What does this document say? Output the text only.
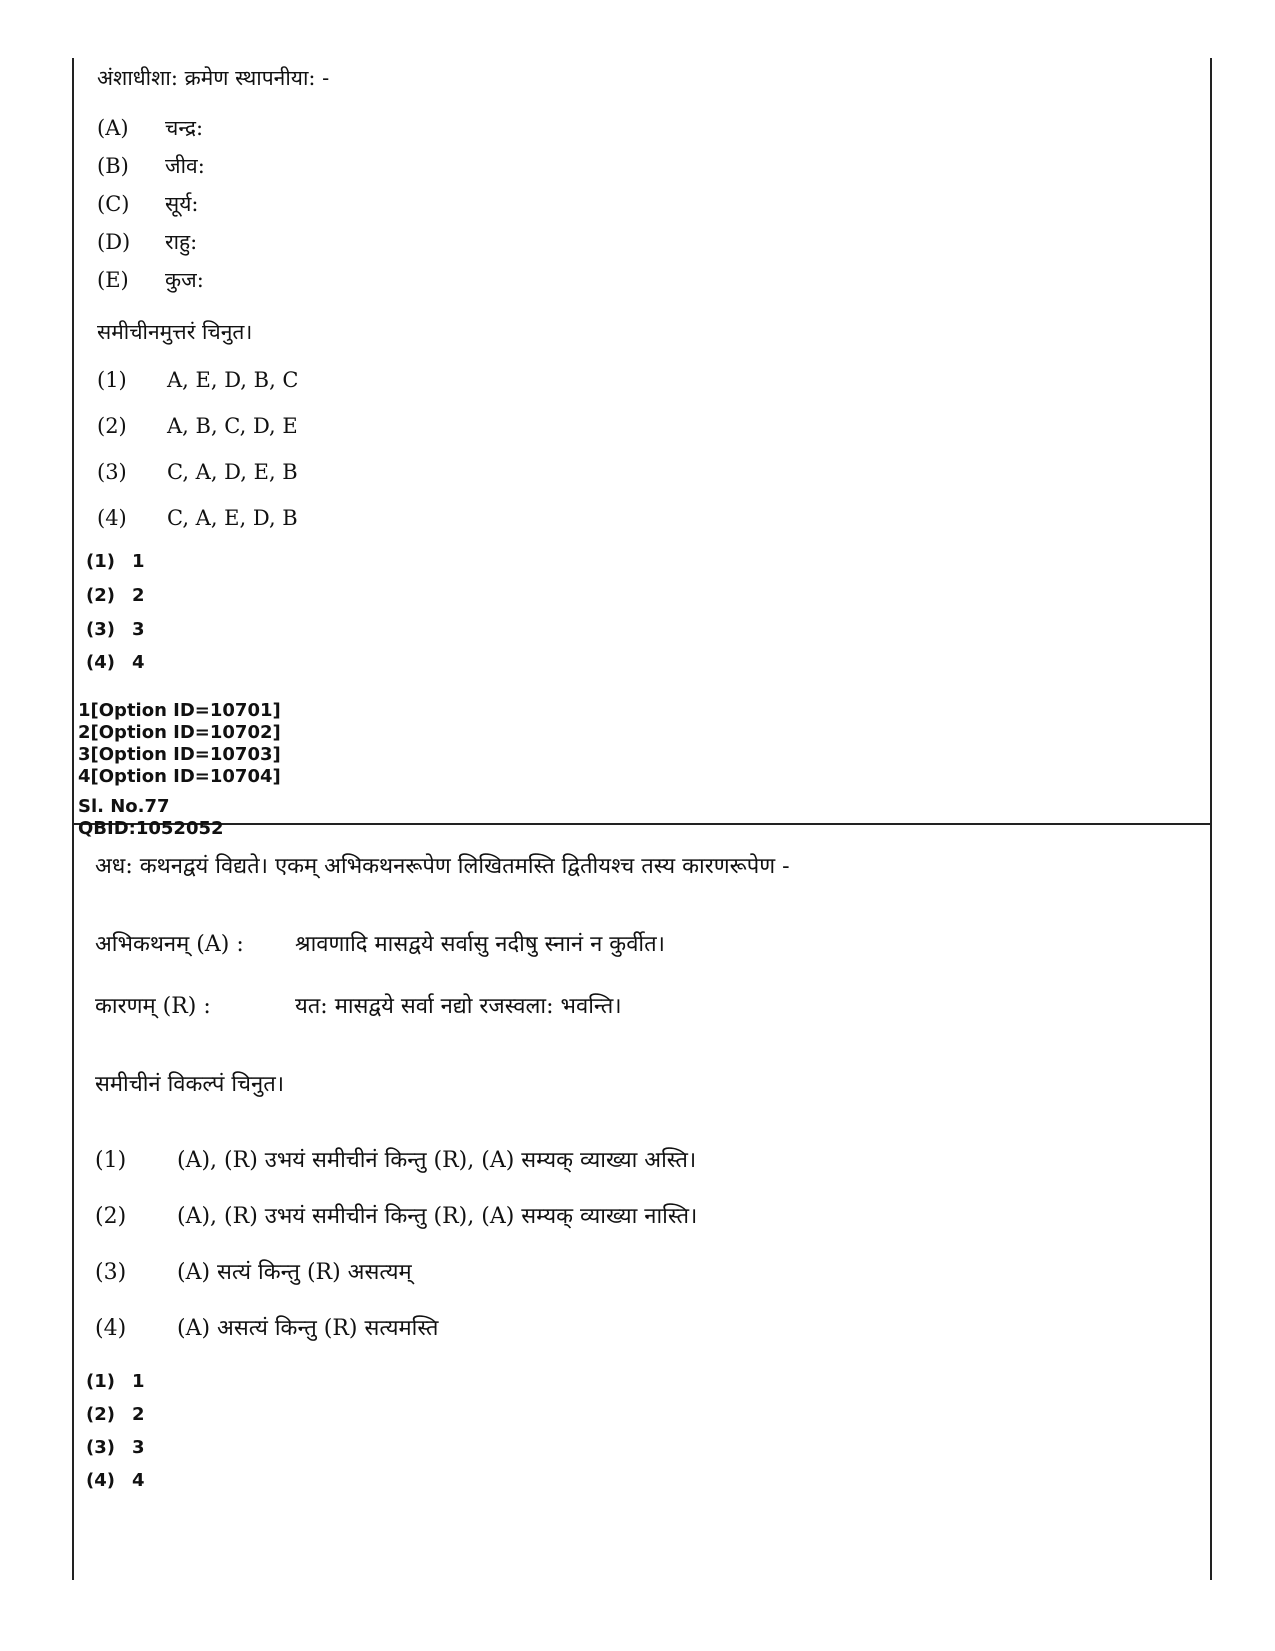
अंशाधीशा: क्रमेण स्थापनीया: -
(A) चन्द्र:
(B) जीव:
(C) सूर्य:
(D) राहु:
(E) कुज:
समीचीनमुत्तरं चिनुत।
(1) A, E, D, B, C
(2) A, B, C, D, E
(3) C, A, D, E, B
(4) C, A, E, D, B
(1) 1
(2) 2
(3) 3
(4) 4
1[Option ID=10701]
2[Option ID=10702]
3[Option ID=10703]
4[Option ID=10704]
Sl. No.77
QBID:1052052
अध: कथनद्वयं विद्यते। एकम् अभिकथनरूपेण लिखितमस्ति द्वितीयश्च तस्य कारणरूपेण -
अभिकथनम् (A) : श्रावणादि मासद्वये सर्वासु नदीषु स्नानं न कुर्वीत।
कारणम् (R) :	यत: मासद्वये सर्वा नद्यो रजस्वला: भवन्ति।
समीचीनं विकल्पं चिनुत।
(1) (A), (R) उभयं समीचीनं किन्तु (R), (A) सम्यक् व्याख्या अस्ति।
(2) (A), (R) उभयं समीचीनं किन्तु (R), (A) सम्यक् व्याख्या नास्ति।
(3) (A) सत्यं किन्तु (R) असत्यम्
(4) (A) असत्यं किन्तु (R) सत्यमस्ति
(1) 1
(2) 2
(3) 3
(4) 4
